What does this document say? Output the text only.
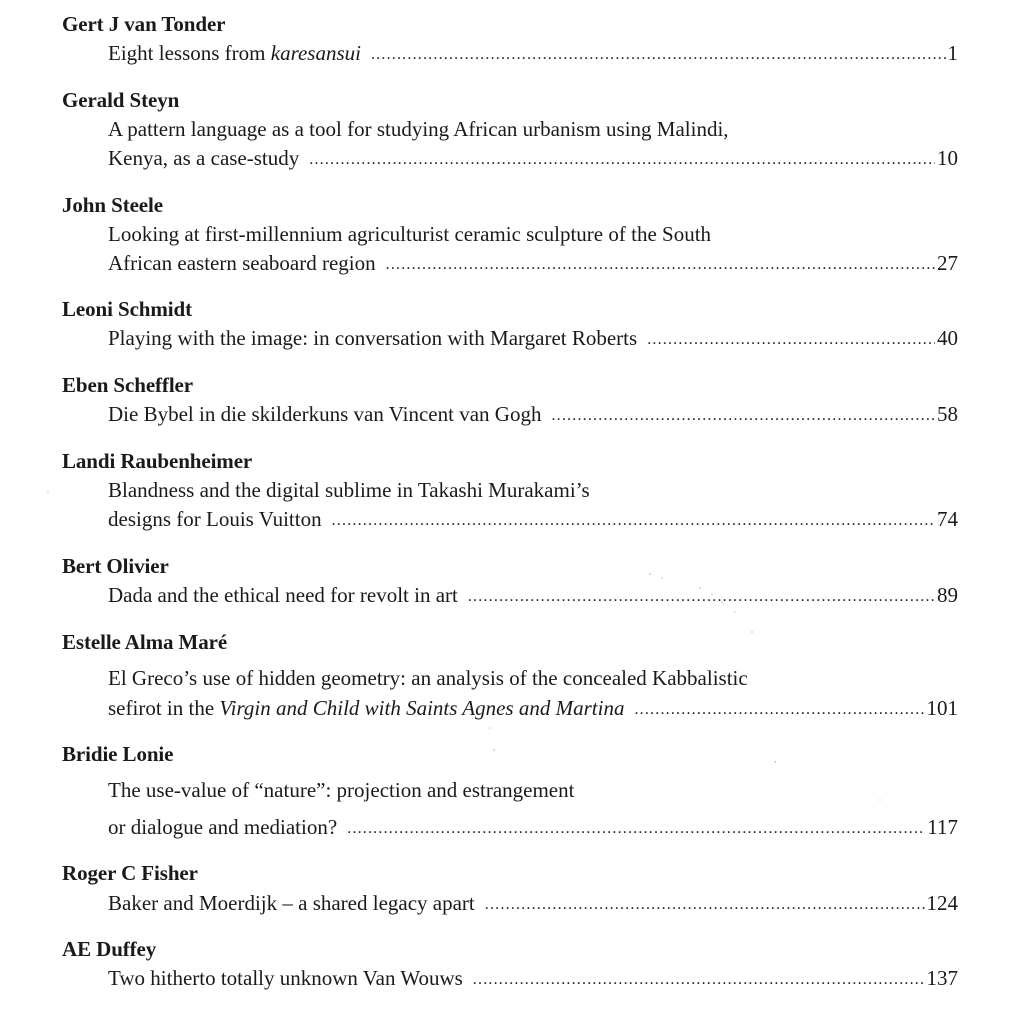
Gert J van Tonder
Eight lessons from karesansui .....	1
Gerald Steyn
A pattern language as a tool for studying African urbanism using Malindi,
Kenya, as a case-study .....	10
John Steele
Looking at first-millennium agriculturist ceramic sculpture of the South
African eastern seaboard region .....	27
Leoni Schmidt
Playing with the image: in conversation with Margaret Roberts .....	40
Eben Scheffler
Die Bybel in die skilderkuns van Vincent van Gogh .....	58
Landi Raubenheimer
Blandness and the digital sublime in Takashi Murakami’s
designs for Louis Vuitton .....	74
Bert Olivier
Dada and the ethical need for revolt in art .....	89
Estelle Alma Maré
El Greco’s use of hidden geometry: an analysis of the concealed Kabbalistic
sefirot in the Virgin and Child with Saints Agnes and Martina .....	101
Bridie Lonie
The use-value of “nature”: projection and estrangement
or dialogue and mediation? .....	117
Roger C Fisher
Baker and Moerdijk – a shared legacy apart .....	124
AE Duffey
Two hitherto totally unknown Van Wouws .....	137
